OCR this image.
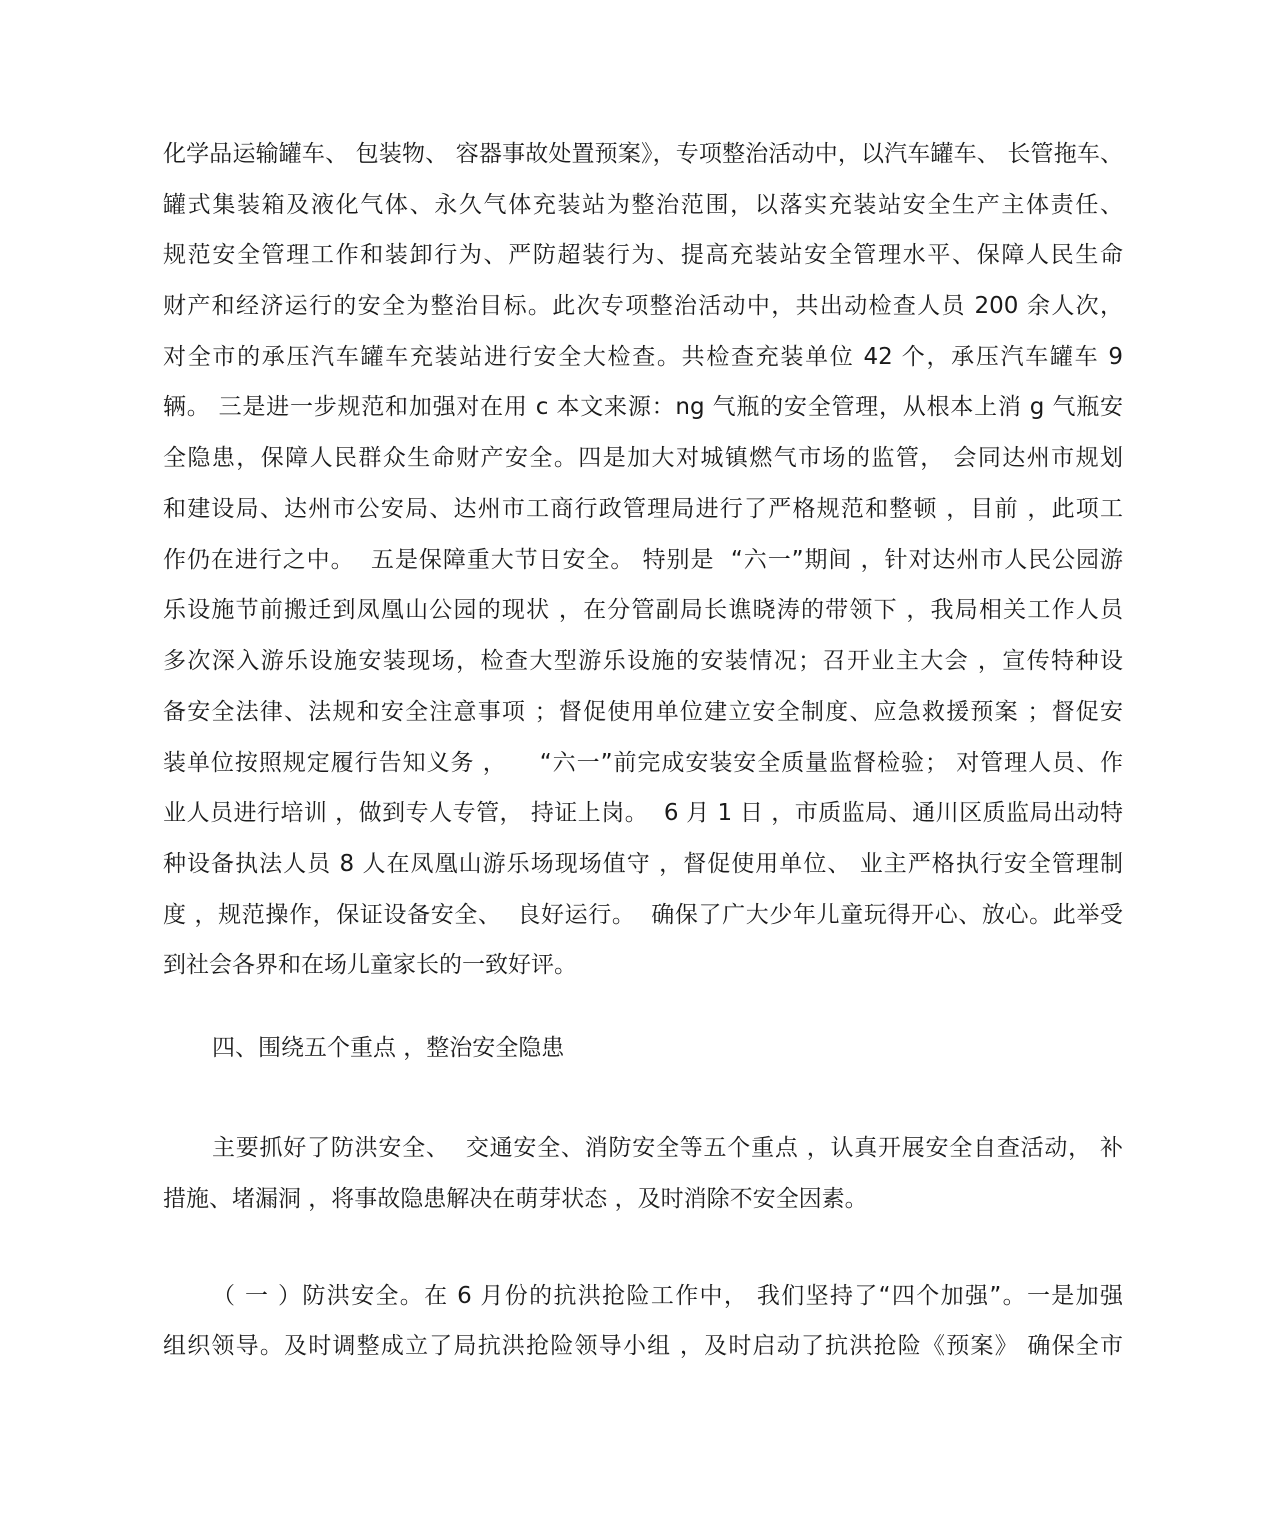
化学品运输罐车、 包装物、 容器事故处置预案》，专项整治活动中，以汽车罐车、 长管拖车、
罐式集装箱及液化气体、永久气体充装站为整治范围，以落实充装站安全生产主体责任、
规范安全管理工作和装卸行为、严防超装行为、提高充装站安全管理水平、保障人民生命
财产和经济运行的安全为整治目标。此次专项整治活动中，共出动检查人员 200 余人次，
对全市的承压汽车罐车充装站进行安全大检查。共检查充装单位 42 个，承压汽车罐车 9
辆。 三是进一步规范和加强对在用 c 本文来源：ng 气瓶的安全管理，从根本上消 g 气瓶安
全隐患，保障人民群众生命财产安全。四是加大对城镇燃气市场的监管， 会同达州市规划
和建设局、达州市公安局、达州市工商行政管理局进行了严格规范和整顿 ，目前 ，此项工
作仍在进行之中。  五是保障重大节日安全。 特别是  “六一”期间 ，针对达州市人民公园游
乐设施节前搬迁到凤凰山公园的现状 ，在分管副局长谯晓涛的带领下 ，我局相关工作人员
多次深入游乐设施安装现场，检查大型游乐设施的安装情况；召开业主大会 ，宣传特种设
备安全法律、法规和安全注意事项 ；督促使用单位建立安全制度、应急救援预案 ；督促安
装单位按照规定履行告知义务 ，    “六一”前完成安装安全质量监督检验； 对管理人员、作
业人员进行培训 ，做到专人专管， 持证上岗。  6 月 1 日 ，市质监局、通川区质监局出动特
种设备执法人员 8 人在凤凰山游乐场现场值守 ，督促使用单位、 业主严格执行安全管理制
度 ，规范操作，保证设备安全、  良好运行。  确保了广大少年儿童玩得开心、放心。此举受
到社会各界和在场儿童家长的一致好评。
四、围绕五个重点 ，整治安全隐患
主要抓好了防洪安全、  交通安全、消防安全等五个重点 ，认真开展安全自查活动， 补
措施、堵漏洞 ，将事故隐患解决在萌芽状态 ，及时消除不安全因素。
（ 一 ）防洪安全。在 6 月份的抗洪抢险工作中， 我们坚持了“四个加强”。一是加强
组织领导。及时调整成立了局抗洪抢险领导小组 ，及时启动了抗洪抢险《预案》 确保全市
